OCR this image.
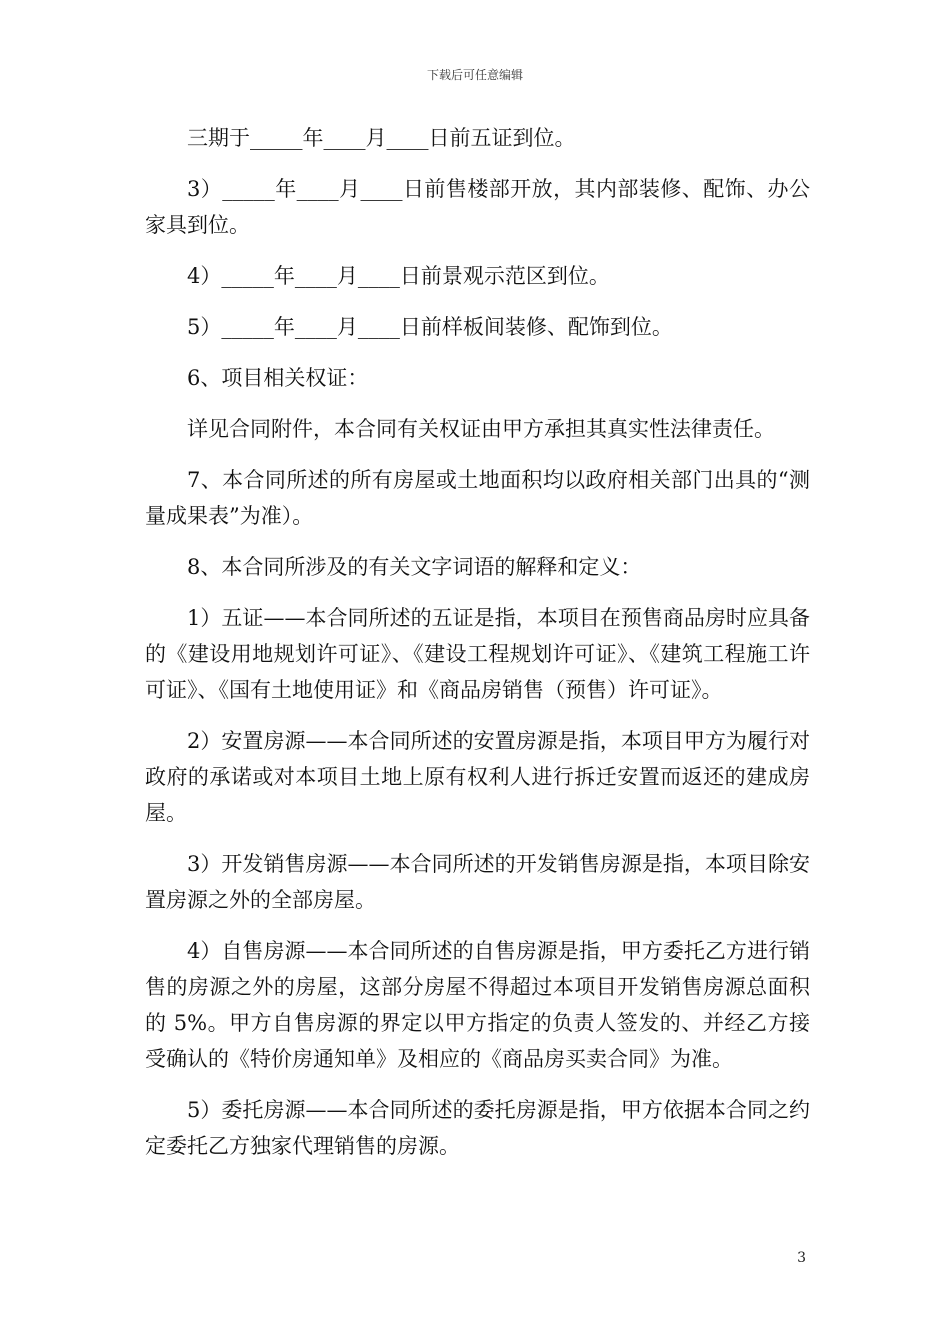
下载后可任意编辑

三期于_____年____月____日前五证到位。

3）_____年____月____日前售楼部开放，其内部装修、配饰、办公家具到位。

4）_____年____月____日前景观示范区到位。

5）_____年____月____日前样板间装修、配饰到位。

6、项目相关权证：

详见合同附件，本合同有关权证由甲方承担其真实性法律责任。

7、本合同所述的所有房屋或土地面积均以政府相关部门出具的“测量成果表”为准）。

8、本合同所涉及的有关文字词语的解释和定义：

1）五证——本合同所述的五证是指，本项目在预售商品房时应具备的《建设用地规划许可证》、《建设工程规划许可证》、《建筑工程施工许可证》、《国有土地使用证》和《商品房销售（预售）许可证》。

2）安置房源——本合同所述的安置房源是指，本项目甲方为履行对政府的承诺或对本项目土地上原有权利人进行拆迁安置而返还的建成房屋。

3）开发销售房源——本合同所述的开发销售房源是指，本项目除安置房源之外的全部房屋。

4）自售房源——本合同所述的自售房源是指，甲方委托乙方进行销售的房源之外的房屋，这部分房屋不得超过本项目开发销售房源总面积的 5%。甲方自售房源的界定以甲方指定的负责人签发的、并经乙方接受确认的《特价房通知单》及相应的《商品房买卖合同》为准。

5）委托房源——本合同所述的委托房源是指，甲方依据本合同之约定委托乙方独家代理销售的房源。

3
